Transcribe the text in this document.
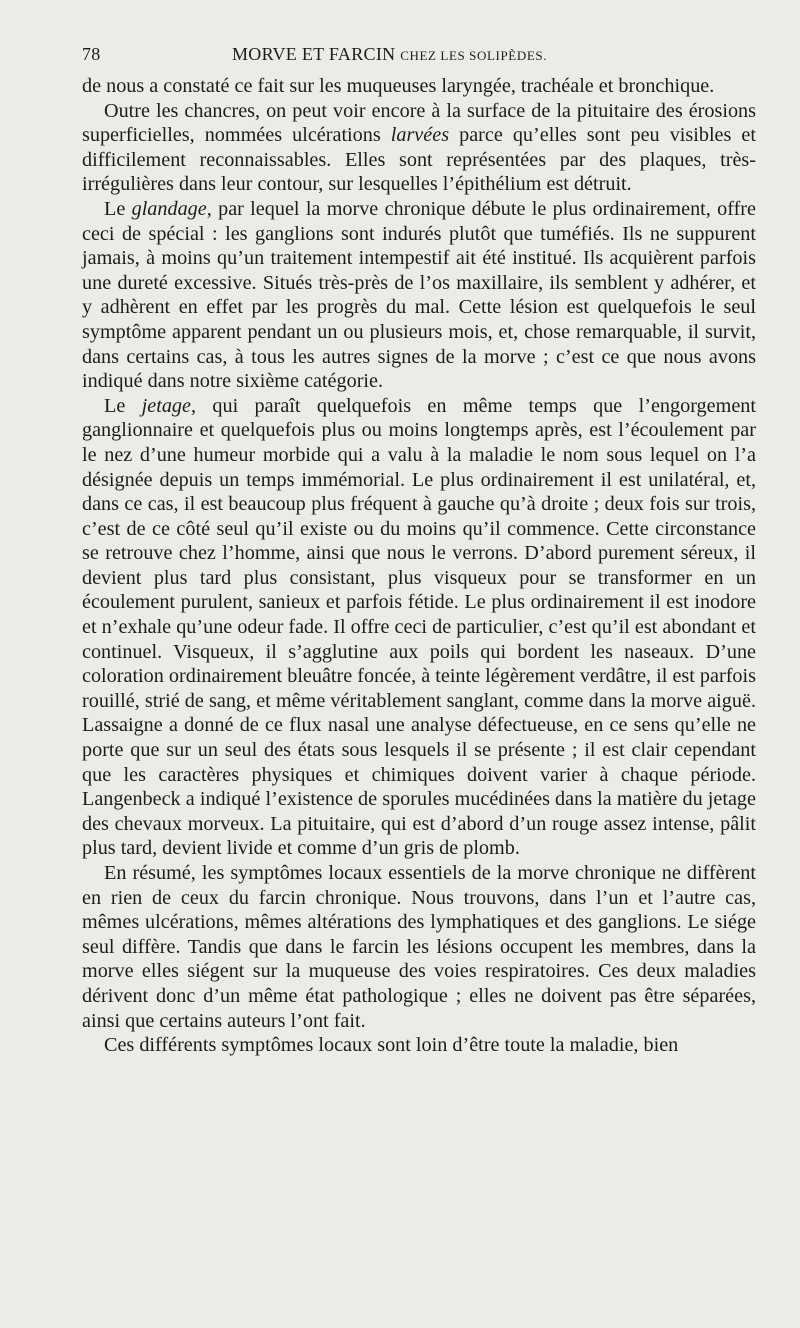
78	MORVE ET FARCIN CHEZ LES SOLIPÈDES.

de nous a constaté ce fait sur les muqueuses laryngée, trachéale et bronchique.

Outre les chancres, on peut voir encore à la surface de la pituitaire des érosions superficielles, nommées ulcérations larvées parce qu’elles sont peu visibles et difficilement reconnaissables. Elles sont représentées par des plaques, très-irrégulières dans leur contour, sur lesquelles l’épithélium est détruit.

Le glandage, par lequel la morve chronique débute le plus ordinairement, offre ceci de spécial : les ganglions sont indurés plutôt que tuméfiés. Ils ne suppurent jamais, à moins qu’un traitement intempestif ait été institué. Ils acquièrent parfois une dureté excessive. Situés très-près de l’os maxillaire, ils semblent y adhérer, et y adhèrent en effet par les progrès du mal. Cette lésion est quelquefois le seul symptôme apparent pendant un ou plusieurs mois, et, chose remarquable, il survit, dans certains cas, à tous les autres signes de la morve ; c’est ce que nous avons indiqué dans notre sixième catégorie.

Le jetage, qui paraît quelquefois en même temps que l’engorgement ganglionnaire et quelquefois plus ou moins longtemps après, est l’écoulement par le nez d’une humeur morbide qui a valu à la maladie le nom sous lequel on l’a désignée depuis un temps immémorial. Le plus ordinairement il est unilatéral, et, dans ce cas, il est beaucoup plus fréquent à gauche qu’à droite ; deux fois sur trois, c’est de ce côté seul qu’il existe ou du moins qu’il commence. Cette circonstance se retrouve chez l’homme, ainsi que nous le verrons. D’abord purement séreux, il devient plus tard plus consistant, plus visqueux pour se transformer en un écoulement purulent, sanieux et parfois fétide. Le plus ordinairement il est inodore et n’exhale qu’une odeur fade. Il offre ceci de particulier, c’est qu’il est abondant et continuel. Visqueux, il s’agglutine aux poils qui bordent les naseaux. D’une coloration ordinairement bleuâtre foncée, à teinte légèrement verdâtre, il est parfois rouillé, strié de sang, et même véritablement sanglant, comme dans la morve aiguë. Lassaigne a donné de ce flux nasal une analyse défectueuse, en ce sens qu’elle ne porte que sur un seul des états sous lesquels il se présente ; il est clair cependant que les caractères physiques et chimiques doivent varier à chaque période. Langenbeck a indiqué l’existence de sporules mucédinées dans la matière du jetage des chevaux morveux. La pituitaire, qui est d’abord d’un rouge assez intense, pâlit plus tard, devient livide et comme d’un gris de plomb.

En résumé, les symptômes locaux essentiels de la morve chronique ne diffèrent en rien de ceux du farcin chronique. Nous trouvons, dans l’un et l’autre cas, mêmes ulcérations, mêmes altérations des lymphatiques et des ganglions. Le siége seul diffère. Tandis que dans le farcin les lésions occupent les membres, dans la morve elles siégent sur la muqueuse des voies respiratoires. Ces deux maladies dérivent donc d’un même état pathologique ; elles ne doivent pas être séparées, ainsi que certains auteurs l’ont fait.

Ces différents symptômes locaux sont loin d’être toute la maladie, bien
